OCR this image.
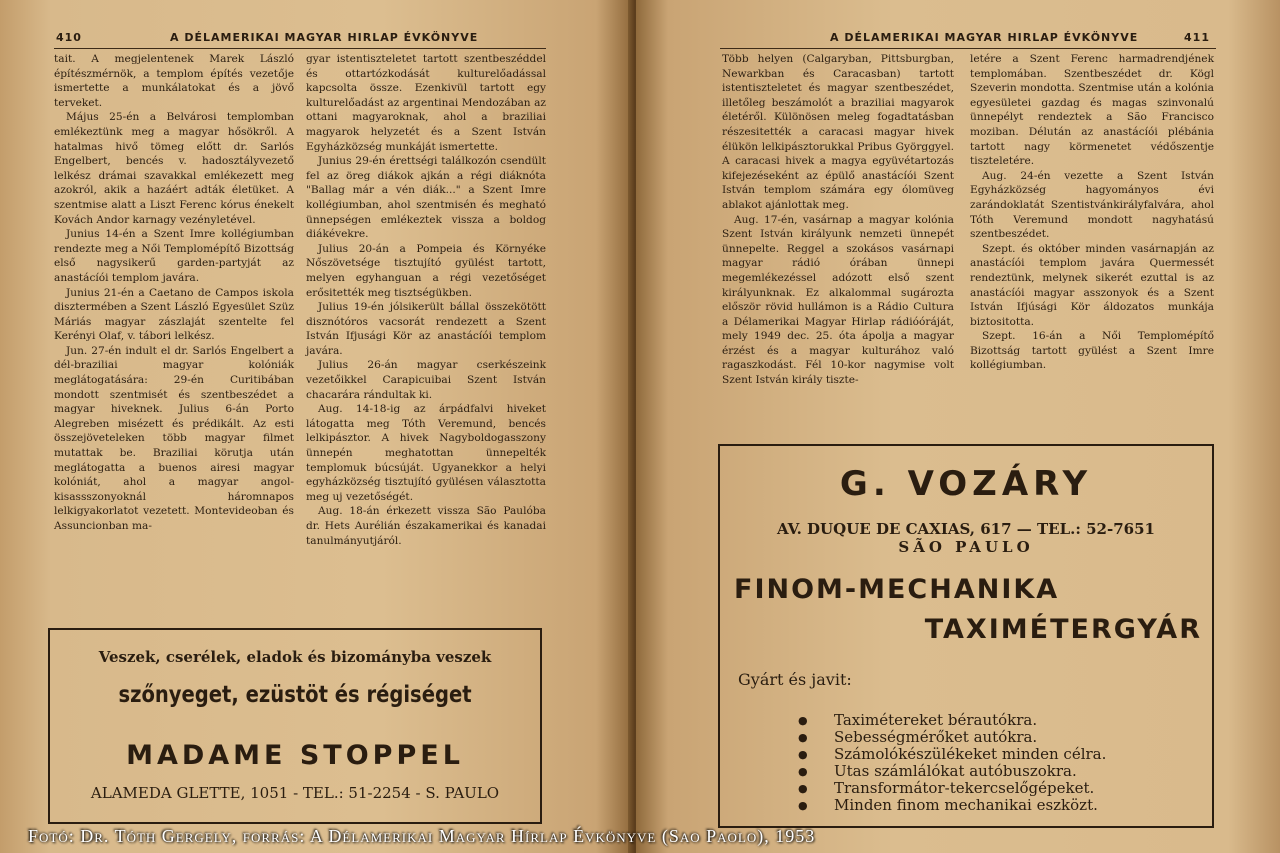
410	A DÉLAMERIKAI MAGYAR HIRLAP ÉVKÖNYVE

tait. A megjelentenek Marek László építészmérnök, a templom építés vezetője ismertette a munkálatokat és a jövő terveket.

Május 25-én a Belvárosi templomban emlékeztünk meg a magyar hősökről. A hatalmas hivő tömeg előtt dr. Sarlós Engelbert, bencés v. hadosztályvezető lelkész drámai szavakkal emlékezett meg azokról, akik a hazáért adták életüket. A szentmise alatt a Liszt Ferenc kórus énekelt Kovách Andor karnagy vezényletével.

Junius 14-én a Szent Imre kollégiumban rendezte meg a Női Templomépítő Bizottság első nagysikerű garden-partyját az anastácíói templom javára.

Junius 21-én a Caetano de Campos iskola disztermében a Szent László Egyesület Szüz Máriás magyar zászlaját szentelte fel Kerényi Olaf, v. tábori lelkész.

Jun. 27-én indult el dr. Sarlós Engelbert a dél-braziliai magyar kolóniák meglátogatására: 29-én Curitibában mondott szentmisét és szentbeszédet a magyar hiveknek. Julius 6-án Porto Alegreben misézett és prédikált. Az esti összejöveteleken több magyar filmet mutattak be. Braziliai körutja után meglátogatta a buenos airesi magyar kolóniát, ahol a magyar angol-kisassszonyoknál háromnapos lelkigyakorlatot vezetett. Montevideoban és Assuncionban ma-

gyar istentiszteletet tartott szentbeszéddel és ottartózkodását kulturelőadással kapcsolta össze. Ezenkivül tartott egy kulturelőadást az argentinai Mendozában az ottani magyaroknak, ahol a braziliai magyarok helyzetét és a Szent István Egyházközség munkáját ismertette.

Junius 29-én érettségi találkozón csendült fel az öreg diákok ajkán a régi diáknóta "Ballag már a vén diák..." a Szent Imre kollégiumban, ahol szentmisén és megható ünnepségen emlékeztek vissza a boldog diákévekre.

Julius 20-án a Pompeia és Környéke Nőszövetsége tisztujító gyülést tartott, melyen egyhanguan a régi vezetőséget erősitették meg tisztségükben.

Julius 19-én jólsikerült bállal összekötött disznótóros vacsorát rendezett a Szent István Ifjusági Kör az anastácíói templom javára.

Julius 26-án magyar cserkészeink vezetőikkel Carapicuibai Szent István chacarára rándultak ki.

Aug. 14-18-ig az árpádfalvi hiveket látogatta meg Tóth Veremund, bencés lelkipásztor. A hivek Nagyboldogasszony ünnepén meghatottan ünnepelték templomuk búcsúját. Ugyanekkor a helyi egyházközség tisztujító gyülésen választotta meg uj vezetőségét.

Aug. 18-án érkezett vissza São Paulóba dr. Hets Aurélián északamerikai és kanadai tanulmányutjáról.

Veszek, cserélek, eladok és bizományba veszek
szőnyeget, ezüstöt és régiséget
MADAME STOPPEL
ALAMEDA GLETTE, 1051 - TEL.: 51-2254 - S. PAULO
A DÉLAMERIKAI MAGYAR HIRLAP ÉVKÖNYVE	411

Több helyen (Calgaryban, Pittsburgban, Newarkban és Caracasban) tartott istentiszteletet és magyar szentbeszédet, illetőleg beszámolót a braziliai magyarok életéről. Különösen meleg fogadtatásban részesitették a caracasi magyar hivek élükön lelkipásztorukkal Pribus Györggyel. A caracasi hivek a magya együvétartozás kifejezéseként az épülő anastácíói Szent István templom számára egy ólomüveg ablakot ajánlottak meg.

Aug. 17-én, vasárnap a magyar kolónia Szent István királyunk nemzeti ünnepét ünnepelte. Reggel a szokásos vasárnapi magyar rádió órában ünnepi megemlékezéssel adózott első szent királyunknak. Ez alkalommal sugározta először rövid hullámon is a Rádio Cultura a Délamerikai Magyar Hirlap rádióóráját, mely 1949 dec. 25. óta ápolja a magyar érzést és a magyar kulturához való ragaszkodást. Fél 10-kor nagymise volt Szent István király tiszte-

letére a Szent Ferenc harmadrendjének templomában. Szentbeszédet dr. Kögl Szeverin mondotta. Szentmise után a kolónia egyesületei gazdag és magas szinvonalú ünnepélyt rendeztek a São Francisco moziban. Délután az anastácíói plébánia tartott nagy körmenetet védőszentje tiszteletére.

Aug. 24-én vezette a Szent István Egyházközség hagyományos évi zarándoklatát Szentistvánkirályfalvára, ahol Tóth Veremund mondott nagyhatású szentbeszédet.

Szept. és október minden vasárnapján az anastácíói templom javára Quermessét rendeztünk, melynek sikerét ezuttal is az anastácíói magyar asszonyok és a Szent István Ifjúsági Kör áldozatos munkája biztositotta.

Szept. 16-án a Női Templomépítő Bizottság tartott gyülést a Szent Imre kollégiumban.

G. VOZÁRY
AV. DUQUE DE CAXIAS, 617 — TEL.: 52-7651
SÃO PAULO
FINOM-MECHANIKA
TAXIMÉTERGYÁR
Gyárt és javit:
● Taximétereket bérautókra.
● Sebességmérőket autókra.
● Számolókészülékeket minden célra.
● Utas számlálókat autóbuszokra.
● Transformátor-tekercselőgépeket.
● Minden finom mechanikai eszközt.
Fotó: Dr. Tóth Gergely, forrás: A Délamerikai Magyar Hírlap Évkönyve (Sao Paolo), 1953
